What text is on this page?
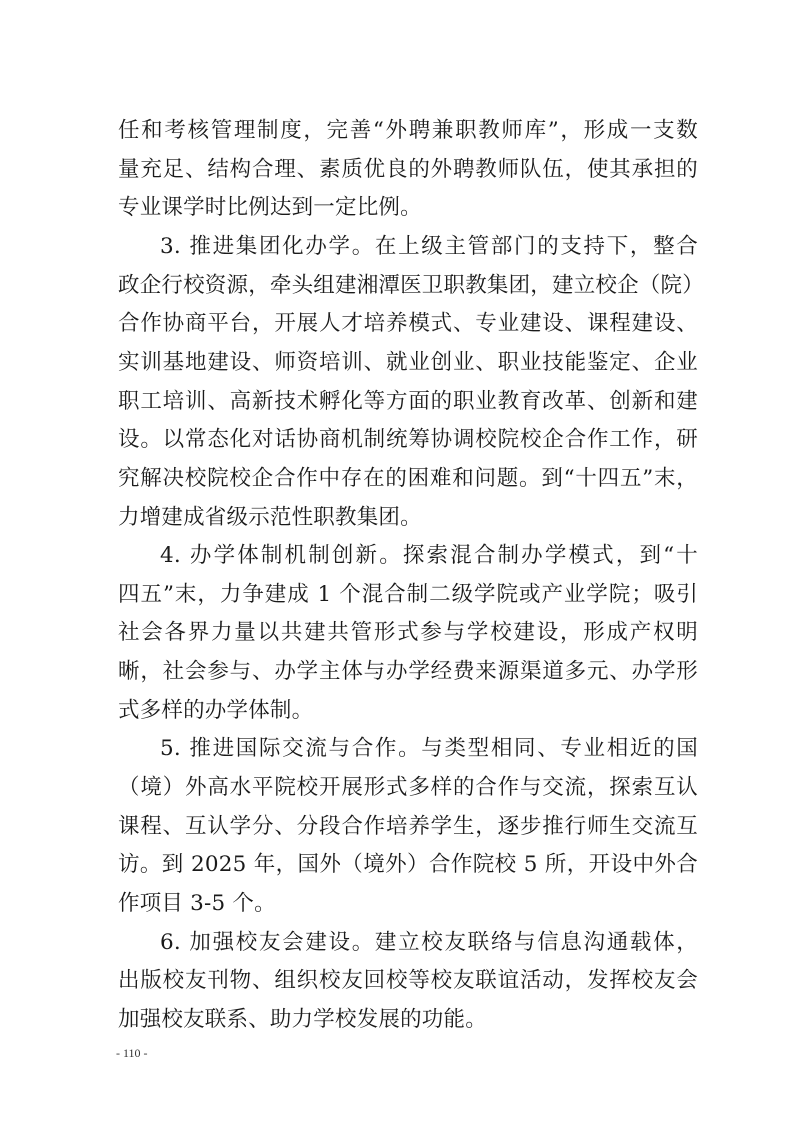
任和考核管理制度，完善“外聘兼职教师库”，形成一支数
量充足、结构合理、素质优良的外聘教师队伍，使其承担的
专业课学时比例达到一定比例。
3. 推进集团化办学。在上级主管部门的支持下，整合
政企行校资源，牵头组建湘潭医卫职教集团，建立校企（院）
合作协商平台，开展人才培养模式、专业建设、课程建设、
实训基地建设、师资培训、就业创业、职业技能鉴定、企业
职工培训、高新技术孵化等方面的职业教育改革、创新和建
设。以常态化对话协商机制统筹协调校院校企合作工作，研
究解决校院校企合作中存在的困难和问题。到“十四五”末，
力增建成省级示范性职教集团。
4. 办学体制机制创新。探索混合制办学模式，到“十
四五”末，力争建成 1 个混合制二级学院或产业学院；吸引
社会各界力量以共建共管形式参与学校建设，形成产权明
晰，社会参与、办学主体与办学经费来源渠道多元、办学形
式多样的办学体制。
5. 推进国际交流与合作。与类型相同、专业相近的国
（境）外高水平院校开展形式多样的合作与交流，探索互认
课程、互认学分、分段合作培养学生，逐步推行师生交流互
访。到 2025 年，国外（境外）合作院校 5 所，开设中外合
作项目 3-5 个。
6. 加强校友会建设。建立校友联络与信息沟通载体，
出版校友刊物、组织校友回校等校友联谊活动，发挥校友会
加强校友联系、助力学校发展的功能。
- 110 -
